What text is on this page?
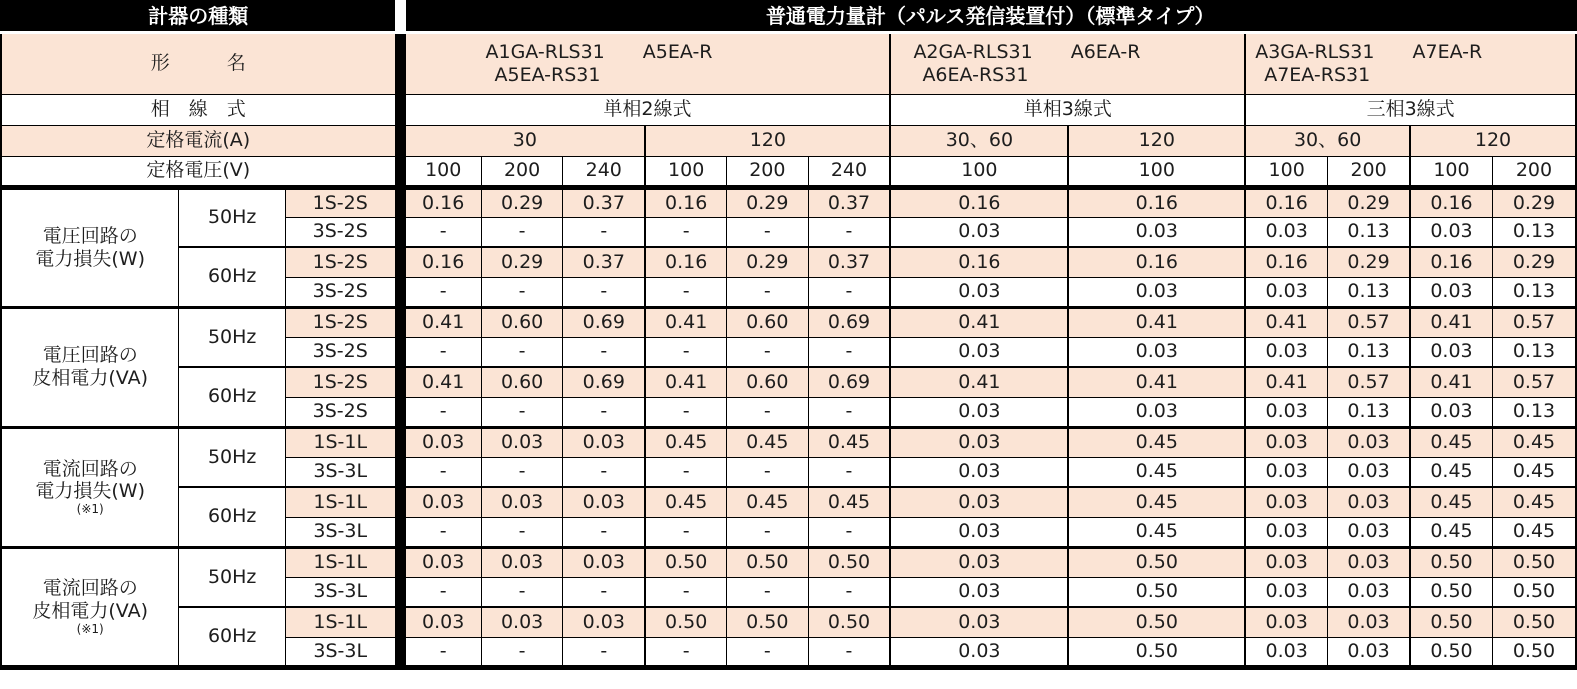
計器の種類			普通電力量計（パルス発信装置付）（標準タイプ）											
形　　　名	
A1GA-RLS31　　A5EA-R
A5EA-RS31

A2GA-RLS31　　A6EA-R
A6EA-RS31

A3GA-RLS31　　A7EA-R
A7EA-RS31

相　線　式			単相2線式						単相3線式		三相3線式			
定格電流(A)			30			120			30、60	120	30、60		120	
定格電圧(V)			100	200	240	100	200	240	100	100	100	200	100	200

電圧回路の
電力損失(W)	50Hz	1S-2S	0.16	0.29	0.37	0.16	0.29	0.37	0.16	0.16	0.16	0.29	0.16	0.29
		3S-2S	-	-	-	-	-	-	0.03	0.03	0.03	0.13	0.03	0.13
	60Hz	1S-2S	0.16	0.29	0.37	0.16	0.29	0.37	0.16	0.16	0.16	0.29	0.16	0.29
		3S-2S	-	-	-	-	-	-	0.03	0.03	0.03	0.13	0.03	0.13

電圧回路の
皮相電力(VA)	50Hz	1S-2S	0.41	0.60	0.69	0.41	0.60	0.69	0.41	0.41	0.41	0.57	0.41	0.57
		3S-2S	-	-	-	-	-	-	0.03	0.03	0.03	0.13	0.03	0.13
	60Hz	1S-2S	0.41	0.60	0.69	0.41	0.60	0.69	0.41	0.41	0.41	0.57	0.41	0.57
		3S-2S	-	-	-	-	-	-	0.03	0.03	0.03	0.13	0.03	0.13

電流回路の
電力損失(W)
(※1)	50Hz	1S-1L	0.03	0.03	0.03	0.45	0.45	0.45	0.03	0.45	0.03	0.03	0.45	0.45
		3S-3L	-	-	-	-	-	-	0.03	0.45	0.03	0.03	0.45	0.45
	60Hz	1S-1L	0.03	0.03	0.03	0.45	0.45	0.45	0.03	0.45	0.03	0.03	0.45	0.45
		3S-3L	-	-	-	-	-	-	0.03	0.45	0.03	0.03	0.45	0.45

電流回路の
皮相電力(VA)
(※1)	50Hz	1S-1L	0.03	0.03	0.03	0.50	0.50	0.50	0.03	0.50	0.03	0.03	0.50	0.50
		3S-3L	-	-	-	-	-	-	0.03	0.50	0.03	0.03	0.50	0.50
	60Hz	1S-1L	0.03	0.03	0.03	0.50	0.50	0.50	0.03	0.50	0.03	0.03	0.50	0.50
		3S-3L	-	-	-	-	-	-	0.03	0.50	0.03	0.03	0.50	0.50
